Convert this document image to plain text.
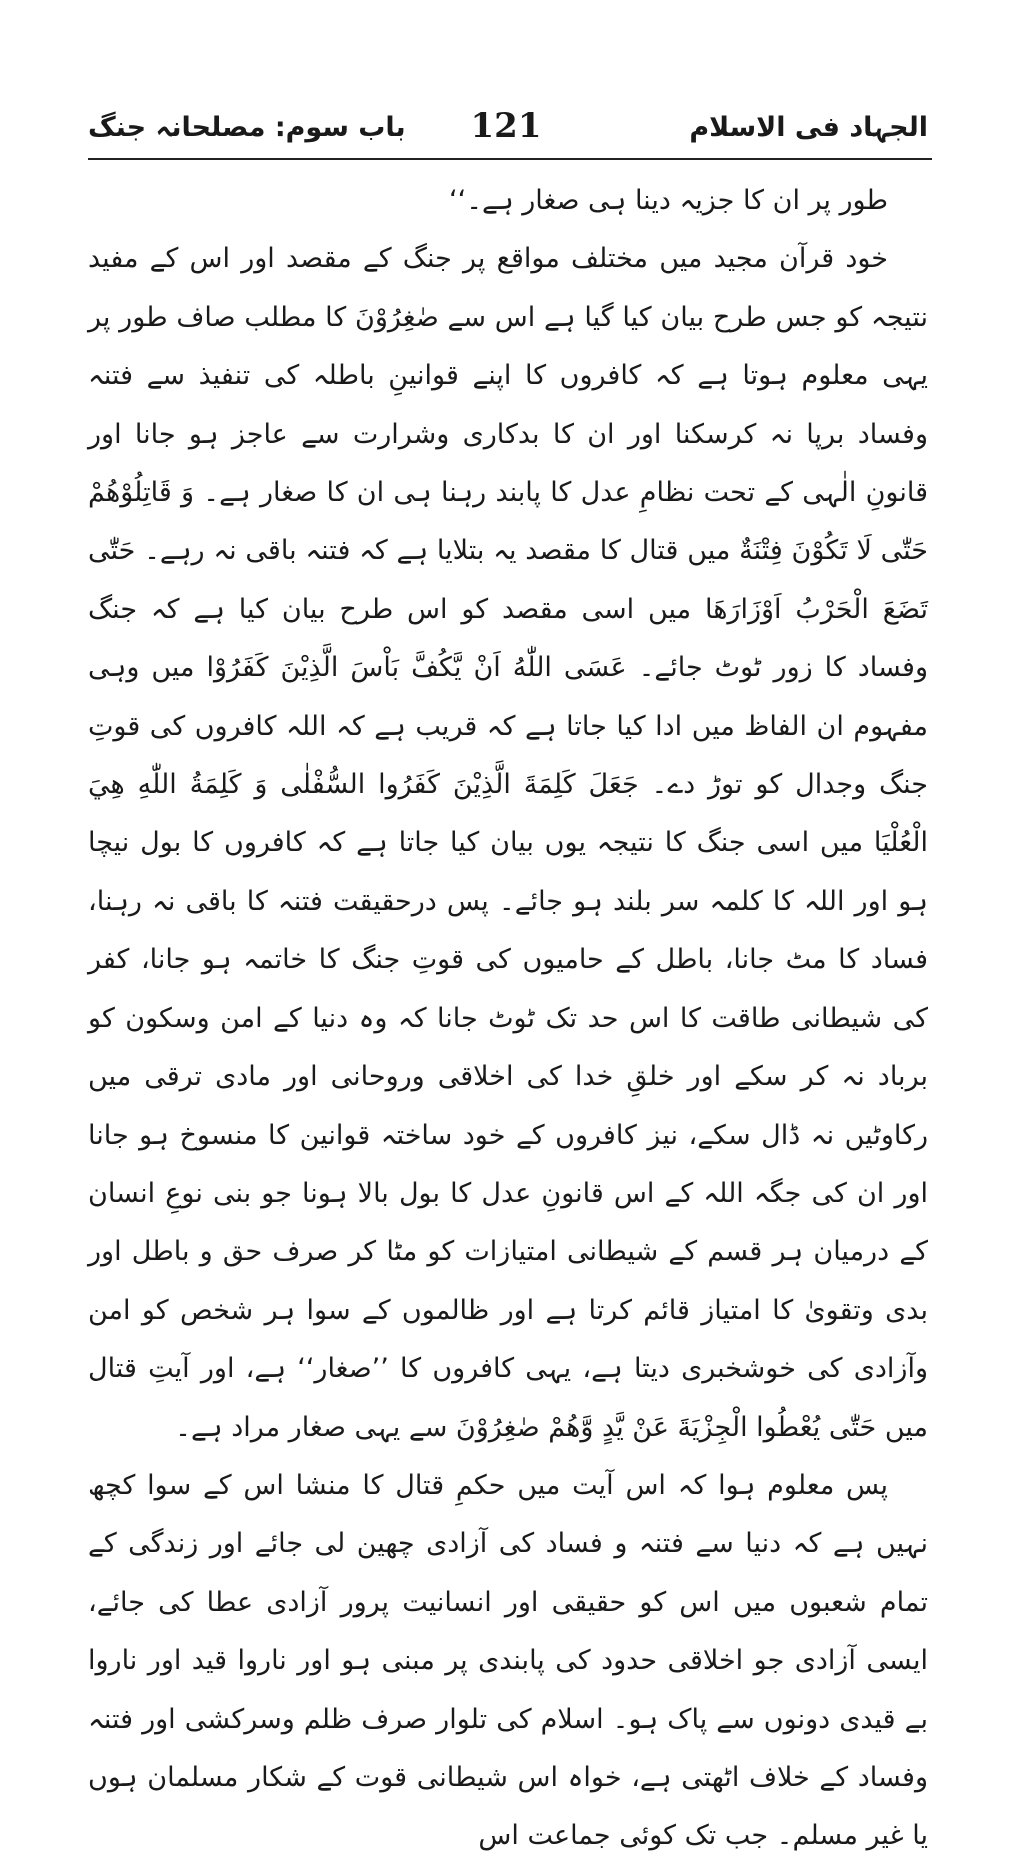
الجہاد فی الاسلام
121
باب سوم: مصلحانہ جنگ

طور پر ان کا جزیہ دینا ہی صغار ہے۔‘‘

خود قرآن مجید میں مختلف مواقع پر جنگ کے مقصد اور اس کے مفید نتیجہ کو جس طرح بیان کیا گیا ہے اس سے صٰغِرُوْنَ کا مطلب صاف طور پر یہی معلوم ہوتا ہے کہ کافروں کا اپنے قوانینِ باطلہ کی تنفیذ سے فتنہ وفساد برپا نہ کرسکنا اور ان کا بدکاری وشرارت سے عاجز ہو جانا اور قانونِ الٰہی کے تحت نظامِ عدل کا پابند رہنا ہی ان کا صغار ہے۔ وَ قَاتِلُوْهُمْ حَتّٰى لَا تَكُوْنَ فِتْنَةٌ میں قتال کا مقصد یہ بتلایا ہے کہ فتنہ باقی نہ رہے۔ حَتّٰى تَضَعَ الْحَرْبُ اَوْزَارَهَا میں اسی مقصد کو اس طرح بیان کیا ہے کہ جنگ وفساد کا زور ٹوٹ جائے۔ عَسَى اللّٰهُ اَنْ يَّكُفَّ بَاْسَ الَّذِيْنَ كَفَرُوْا میں وہی مفہوم ان الفاظ میں ادا کیا جاتا ہے کہ قریب ہے کہ اللہ کافروں کی قوتِ جنگ وجدال کو توڑ دے۔ جَعَلَ كَلِمَةَ الَّذِيْنَ كَفَرُوا السُّفْلٰى وَ كَلِمَةُ اللّٰهِ هِيَ الْعُلْيَا میں اسی جنگ کا نتیجہ یوں بیان کیا جاتا ہے کہ کافروں کا بول نیچا ہو اور اللہ کا کلمہ سر بلند ہو جائے۔ پس درحقیقت فتنہ کا باقی نہ رہنا، فساد کا مٹ جانا، باطل کے حامیوں کی قوتِ جنگ کا خاتمہ ہو جانا، کفر کی شیطانی طاقت کا اس حد تک ٹوٹ جانا کہ وہ دنیا کے امن وسکون کو برباد نہ کر سکے اور خلقِ خدا کی اخلاقی وروحانی اور مادی ترقی میں رکاوٹیں نہ ڈال سکے، نیز کافروں کے خود ساختہ قوانین کا منسوخ ہو جانا اور ان کی جگہ اللہ کے اس قانونِ عدل کا بول بالا ہونا جو بنی نوعِ انسان کے درمیان ہر قسم کے شیطانی امتیازات کو مٹا کر صرف حق و باطل اور بدی وتقویٰ کا امتیاز قائم کرتا ہے اور ظالموں کے سوا ہر شخص کو امن وآزادی کی خوشخبری دیتا ہے، یہی کافروں کا ’’صغار‘‘ ہے، اور آیتِ قتال میں حَتّٰى يُعْطُوا الْجِزْيَةَ عَنْ يَّدٍ وَّهُمْ صٰغِرُوْنَ سے یہی صغار مراد ہے۔

پس معلوم ہوا کہ اس آیت میں حکمِ قتال کا منشا اس کے سوا کچھ نہیں ہے کہ دنیا سے فتنہ و فساد کی آزادی چھین لی جائے اور زندگی کے تمام شعبوں میں اس کو حقیقی اور انسانیت پرور آزادی عطا کی جائے، ایسی آزادی جو اخلاقی حدود کی پابندی پر مبنی ہو اور ناروا قید اور ناروا بے قیدی دونوں سے پاک ہو۔ اسلام کی تلوار صرف ظلم وسرکشی اور فتنہ وفساد کے خلاف اٹھتی ہے، خواہ اس شیطانی قوت کے شکار مسلمان ہوں یا غیر مسلم۔ جب تک کوئی جماعت اس
